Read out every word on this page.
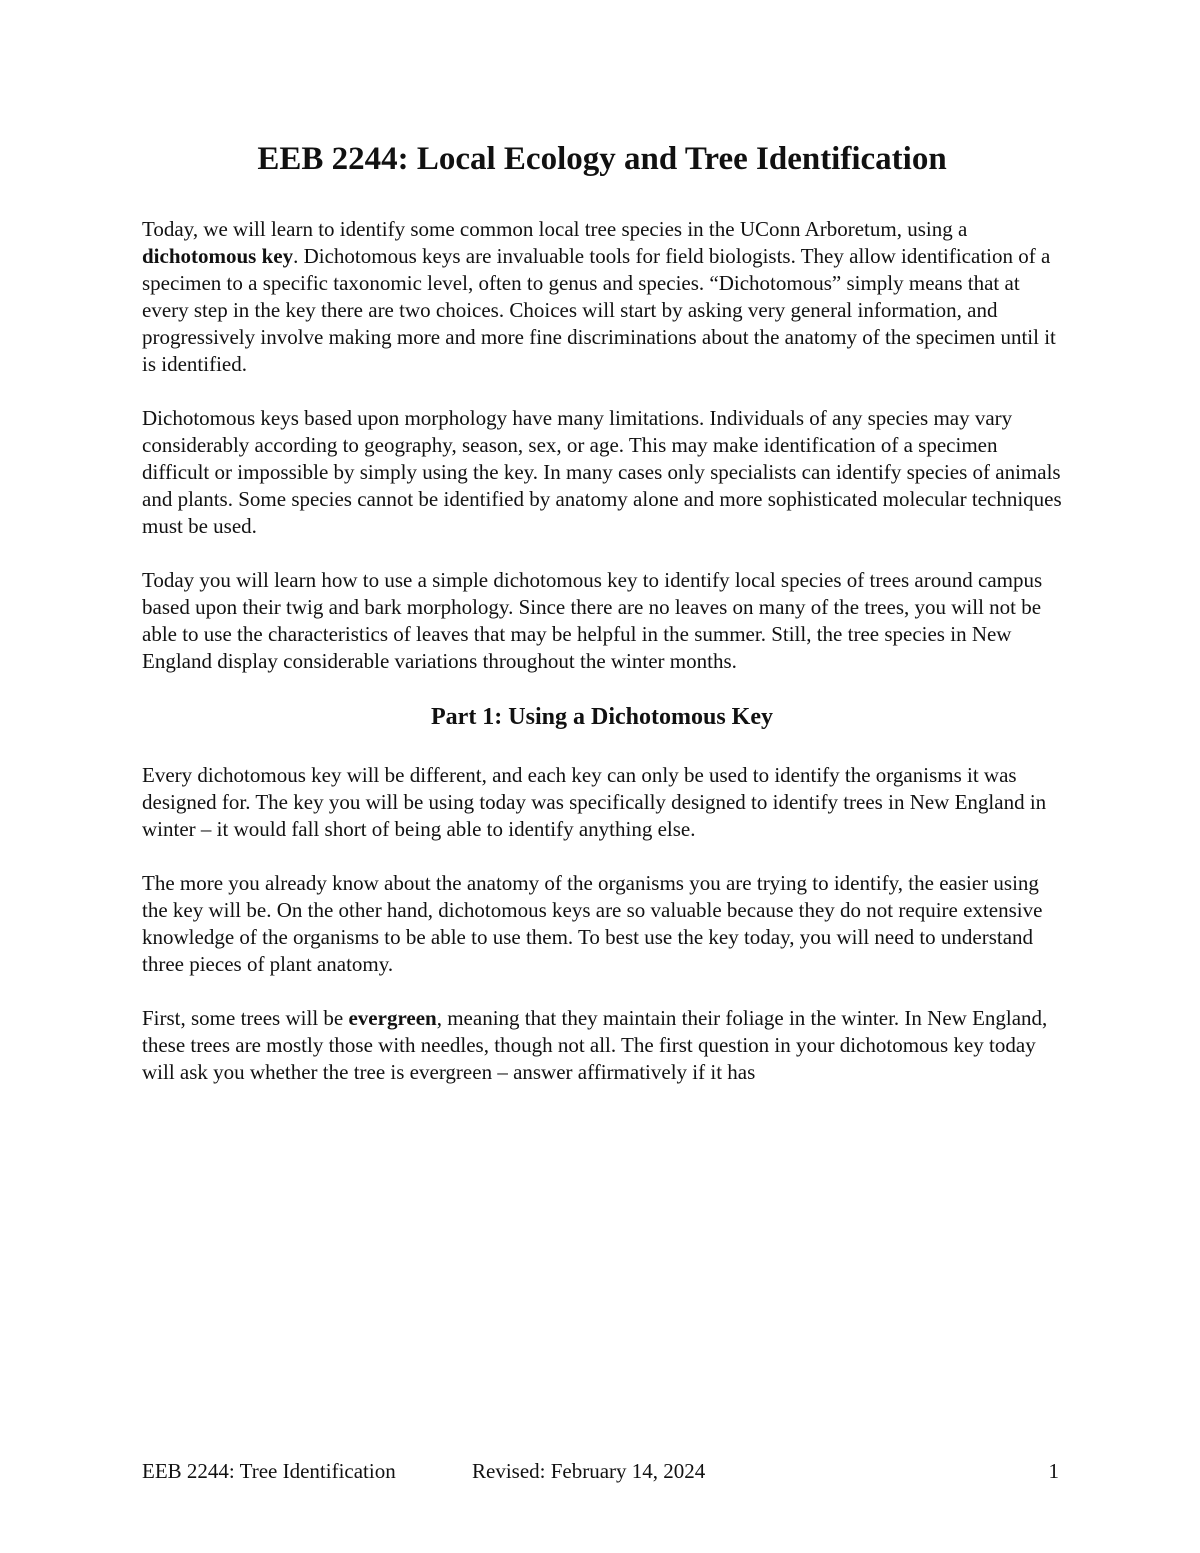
EEB 2244: Local Ecology and Tree Identification

Today, we will learn to identify some common local tree species in the UConn Arboretum, using a dichotomous key. Dichotomous keys are invaluable tools for field biologists. They allow identification of a specimen to a specific taxonomic level, often to genus and species. “Dichotomous” simply means that at every step in the key there are two choices. Choices will start by asking very general information, and progressively involve making more and more fine discriminations about the anatomy of the specimen until it is identified.

Dichotomous keys based upon morphology have many limitations. Individuals of any species may vary considerably according to geography, season, sex, or age. This may make identification of a specimen difficult or impossible by simply using the key. In many cases only specialists can identify species of animals and plants. Some species cannot be identified by anatomy alone and more sophisticated molecular techniques must be used.

Today you will learn how to use a simple dichotomous key to identify local species of trees around campus based upon their twig and bark morphology. Since there are no leaves on many of the trees, you will not be able to use the characteristics of leaves that may be helpful in the summer. Still, the tree species in New England display considerable variations throughout the winter months.

Part 1: Using a Dichotomous Key

Every dichotomous key will be different, and each key can only be used to identify the organisms it was designed for. The key you will be using today was specifically designed to identify trees in New England in winter – it would fall short of being able to identify anything else.

The more you already know about the anatomy of the organisms you are trying to identify, the easier using the key will be. On the other hand, dichotomous keys are so valuable because they do not require extensive knowledge of the organisms to be able to use them. To best use the key today, you will need to understand three pieces of plant anatomy.

First, some trees will be evergreen, meaning that they maintain their foliage in the winter. In New England, these trees are mostly those with needles, though not all. The first question in your dichotomous key today will ask you whether the tree is evergreen – answer affirmatively if it has

EEB 2244: Tree Identification	Revised: February 14, 2024	1
